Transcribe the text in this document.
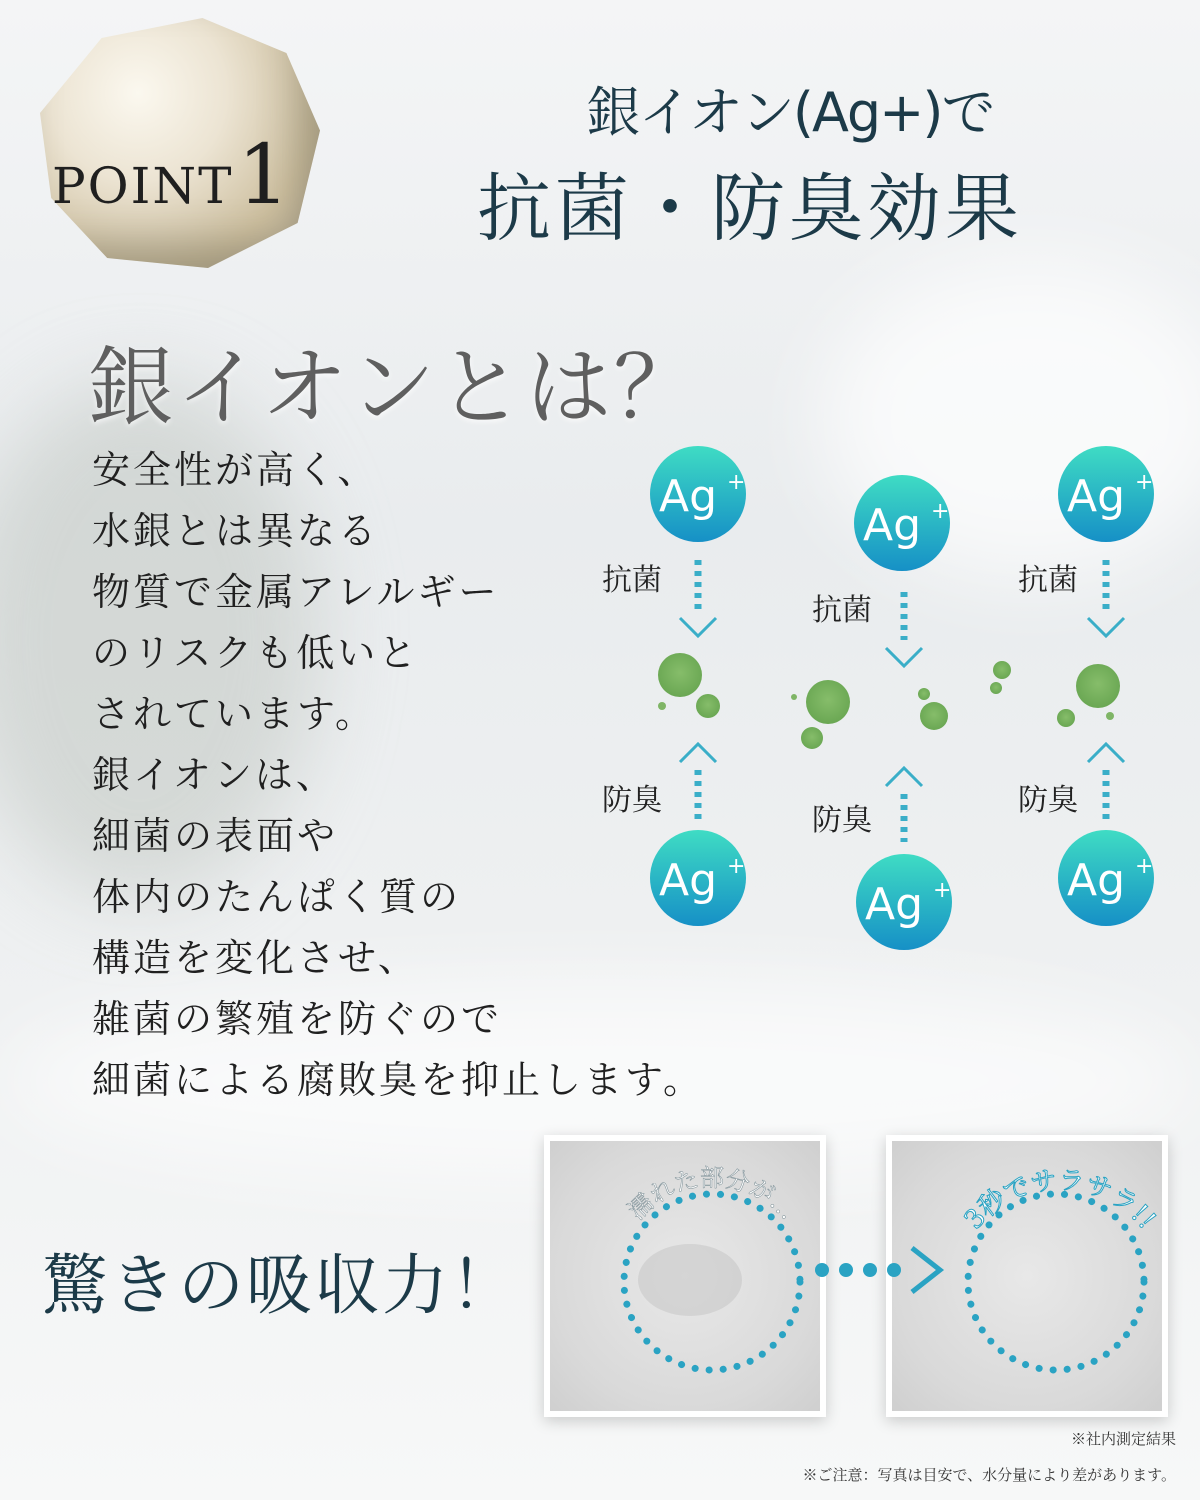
POINT1
銀イオン(Ag+)で
抗菌・防臭効果
銀イオンとは？
安全性が高く、
水銀とは異なる
物質で金属アレルギー
のリスクも低いと
されています。
銀イオンは、
細菌の表面や
体内のたんぱく質の
構造を変化させ、
雑菌の繁殖を防ぐので
細菌による腐敗臭を抑止します。
Ag +
抗菌
防臭
Ag +
Ag +
抗菌
防臭
Ag +
Ag +
抗菌
防臭
Ag +
驚きの吸収力！
濡れた部分が…	3秒でサラサラ!!
※社内測定結果
※ご注意：写真は目安で、水分量により差があります。
